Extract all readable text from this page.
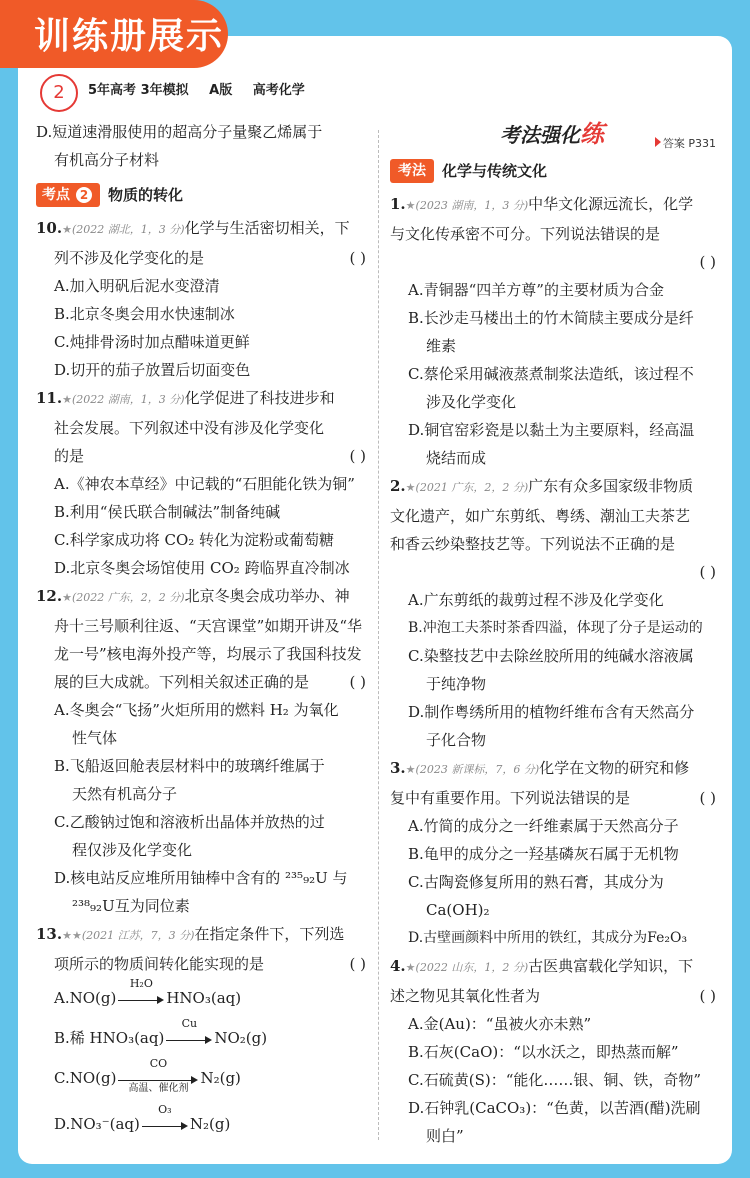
训练册展示
2	5年高考 3年模拟 A版 高考化学
D.短道速滑服使用的超高分子量聚乙烯属于
有机高分子材料
考点 2	物质的转化
10.★(2022 湖北，1，3 分)化学与生活密切相关，下
列不涉及化学变化的是	( )
A.加入明矾后泥水变澄清
B.北京冬奥会用水快速制冰
C.炖排骨汤时加点醋味道更鲜
D.切开的茄子放置后切面变色
11.★(2022 湖南，1，3 分)化学促进了科技进步和
社会发展。下列叙述中没有涉及化学变化
的是	( )
A.《神农本草经》中记载的“石胆能化铁为铜”
B.利用“侯氏联合制碱法”制备纯碱
C.科学家成功将 CO₂ 转化为淀粉或葡萄糖
D.北京冬奥会场馆使用 CO₂ 跨临界直冷制冰
12.★(2022 广东，2，2 分)北京冬奥会成功举办、神
舟十三号顺利往返、“天宫课堂”如期开讲及“华
龙一号”核电海外投产等，均展示了我国科技发
展的巨大成就。下列相关叙述正确的是	( )
A.冬奥会“飞扬”火炬所用的燃料 H₂ 为氧化
性气体
B.飞船返回舱表层材料中的玻璃纤维属于
天然有机高分子
C.乙酸钠过饱和溶液析出晶体并放热的过
程仅涉及化学变化
D.核电站反应堆所用铀棒中含有的 ²³⁵₉₂U 与
²³⁸₉₂U互为同位素
13.★★(2021 江苏，7，3 分)在指定条件下，下列选
项所示的物质间转化能实现的是	( )
A.NO(g)
H₂O
HNO₃(aq)
B.稀 HNO₃(aq)
Cu
NO₂(g)
C.NO(g)
CO
高温、催化剂
N₂(g)
D.NO₃⁻(aq)
O₃
N₂(g)
考法强化练	答案 P331
考法	化学与传统文化
1.★(2023 湖南，1，3 分)中华文化源远流长，化学
与文化传承密不可分。下列说法错误的是
( )

A.青铜器“四羊方尊”的主要材质为合金
B.长沙走马楼出土的竹木简牍主要成分是纤
维素
C.蔡伦采用碱液蒸煮制浆法造纸，该过程不
涉及化学变化
D.铜官窑彩瓷是以黏土为主要原料，经高温
烧结而成
2.★(2021 广东，2，2 分)广东有众多国家级非物质
文化遗产，如广东剪纸、粤绣、潮汕工夫茶艺
和香云纱染整技艺等。下列说法不正确的是
( )

A.广东剪纸的裁剪过程不涉及化学变化
B.冲泡工夫茶时茶香四溢，体现了分子是运动的
C.染整技艺中去除丝胶所用的纯碱水溶液属
于纯净物
D.制作粤绣所用的植物纤维布含有天然高分
子化合物
3.★(2023 新课标，7，6 分)化学在文物的研究和修
复中有重要作用。下列说法错误的是	( )
A.竹简的成分之一纤维素属于天然高分子
B.龟甲的成分之一羟基磷灰石属于无机物
C.古陶瓷修复所用的熟石膏，其成分为
Ca(OH)₂
D.古壁画颜料中所用的铁红，其成分为Fe₂O₃
4.★(2022 山东，1，2 分)古医典富载化学知识，下
述之物见其氧化性者为	( )
A.金(Au)：“虽被火亦未熟”
B.石灰(CaO)：“以水沃之，即热蒸而解”
C.石硫黄(S)：“能化……银、铜、铁，奇物”
D.石钟乳(CaCO₃)：“色黄，以苦酒(醋)洗刷
则白”
